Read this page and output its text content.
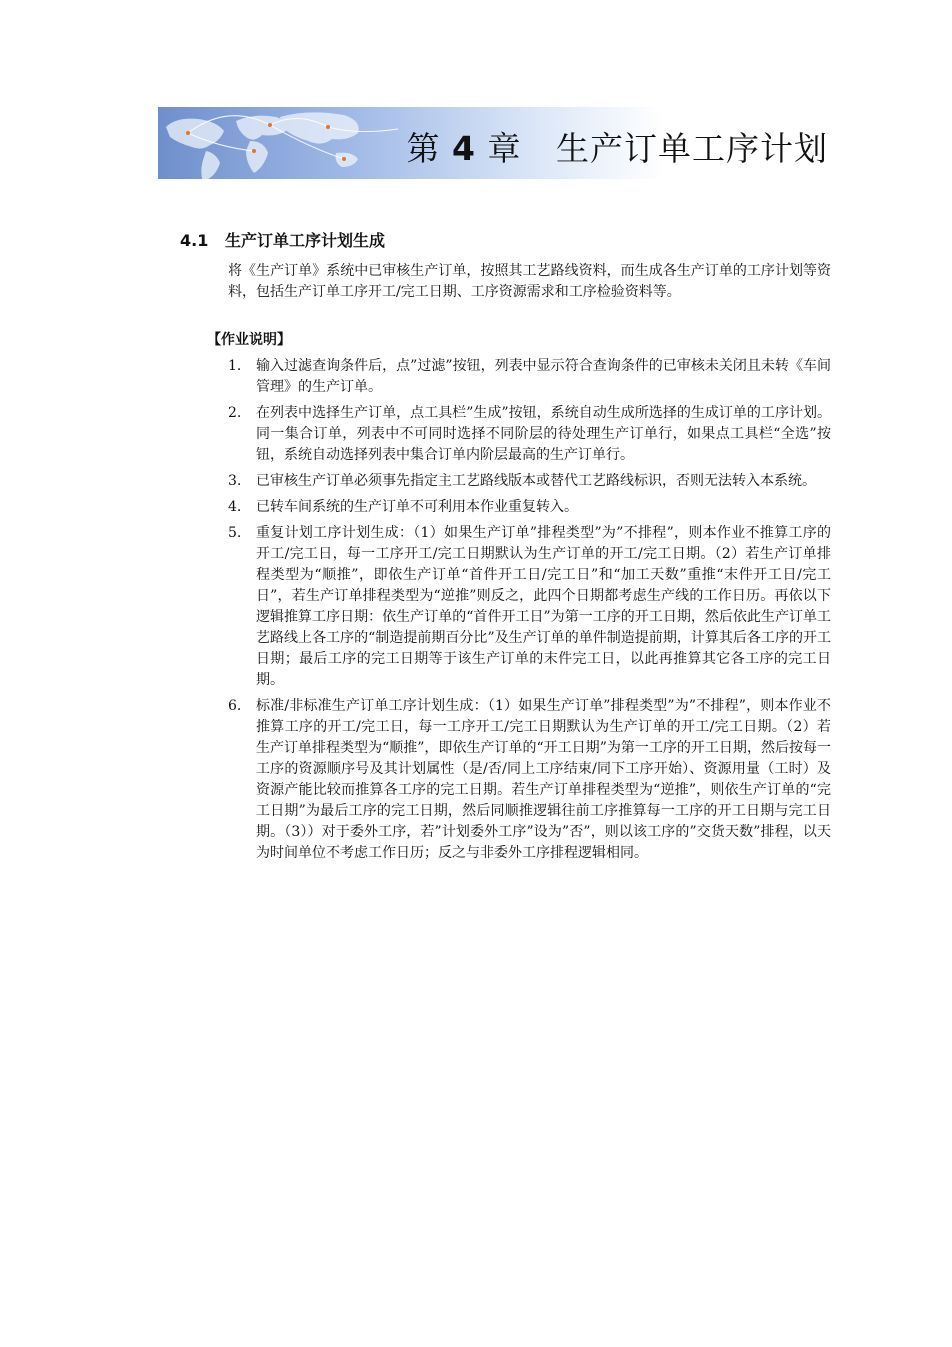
第 4 章 生产订单工序计划
4.1 生产订单工序计划生成

将《生产订单》系统中已审核生产订单，按照其工艺路线资料，而生成各生产订单的工序计划等资料，包括生产订单工序开工/完工日期、工序资源需求和工序检验资料等。

【作业说明】
1.	输入过滤查询条件后，点”过滤”按钮，列表中显示符合查询条件的已审核未关闭且未转《车间管理》的生产订单。
2.	在列表中选择生产订单，点工具栏”生成”按钮，系统自动生成所选择的生成订单的工序计划。同一集合订单，列表中不可同时选择不同阶层的待处理生产订单行，如果点工具栏“全选”按钮，系统自动选择列表中集合订单内阶层最高的生产订单行。
3.	已审核生产订单必须事先指定主工艺路线版本或替代工艺路线标识，否则无法转入本系统。
4.	已转车间系统的生产订单不可利用本作业重复转入。
5.	重复计划工序计划生成：（1）如果生产订单”排程类型”为”不排程”，则本作业不推算工序的开工/完工日，每一工序开工/完工日期默认为生产订单的开工/完工日期。（2）若生产订单排程类型为“顺推”，即依生产订单“首件开工日/完工日”和“加工天数”重推“末件开工日/完工日”，若生产订单排程类型为“逆推”则反之，此四个日期都考虑生产线的工作日历。再依以下逻辑推算工序日期：依生产订单的“首件开工日”为第一工序的开工日期，然后依此生产订单工艺路线上各工序的“制造提前期百分比”及生产订单的单件制造提前期，计算其后各工序的开工日期；最后工序的完工日期等于该生产订单的末件完工日，以此再推算其它各工序的完工日期。
6.	标准/非标准生产订单工序计划生成：（1）如果生产订单”排程类型”为”不排程”，则本作业不推算工序的开工/完工日，每一工序开工/完工日期默认为生产订单的开工/完工日期。（2）若生产订单排程类型为“顺推”，即依生产订单的“开工日期”为第一工序的开工日期，然后按每一工序的资源顺序号及其计划属性（是/否/同上工序结束/同下工序开始）、资源用量（工时）及资源产能比较而推算各工序的完工日期。若生产订单排程类型为“逆推”，则依生产订单的“完工日期”为最后工序的完工日期，然后同顺推逻辑往前工序推算每一工序的开工日期与完工日期。（3））对于委外工序，若”计划委外工序”设为”否”，则以该工序的”交货天数”排程，以天为时间单位不考虑工作日历；反之与非委外工序排程逻辑相同。
